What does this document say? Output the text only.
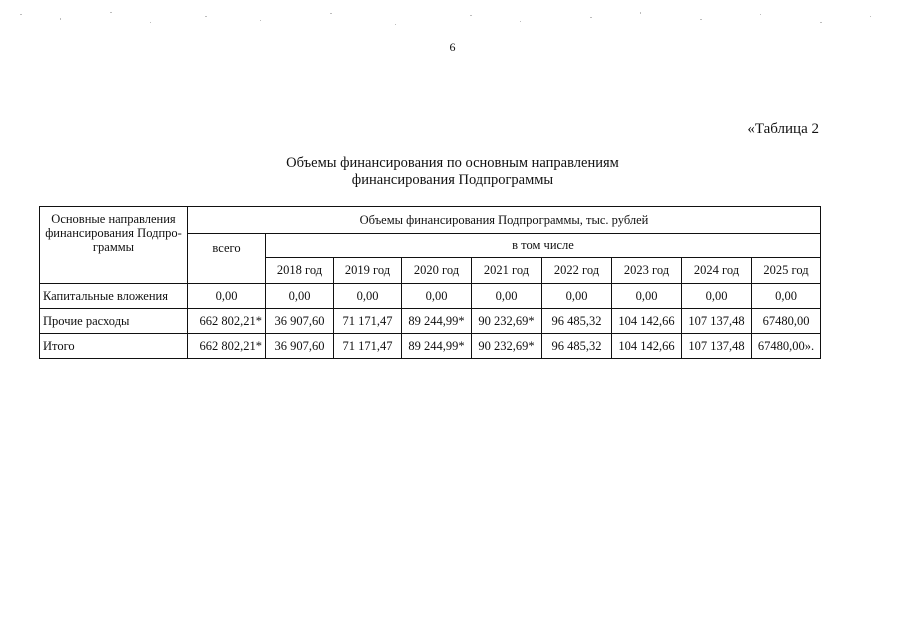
6
«Таблица 2
Объемы финансирования по основным направлениям
финансирования Подпрограммы
Основные направления финансирования Подпро-граммы	Объемы финансирования Подпрограммы, тыс. рублей								
	всего	в том числе							
		2018 год	2019 год	2020 год	2021 год	2022 год	2023 год	2024 год	2025 год
Капитальные вложения	0,00	0,00	0,00	0,00	0,00	0,00	0,00	0,00	0,00
Прочие расходы	662 802,21*	36 907,60	71 171,47	89 244,99*	90 232,69*	96 485,32	104 142,66	107 137,48	67480,00
Итого	662 802,21*	36 907,60	71 171,47	89 244,99*	90 232,69*	96 485,32	104 142,66	107 137,48	67480,00».
